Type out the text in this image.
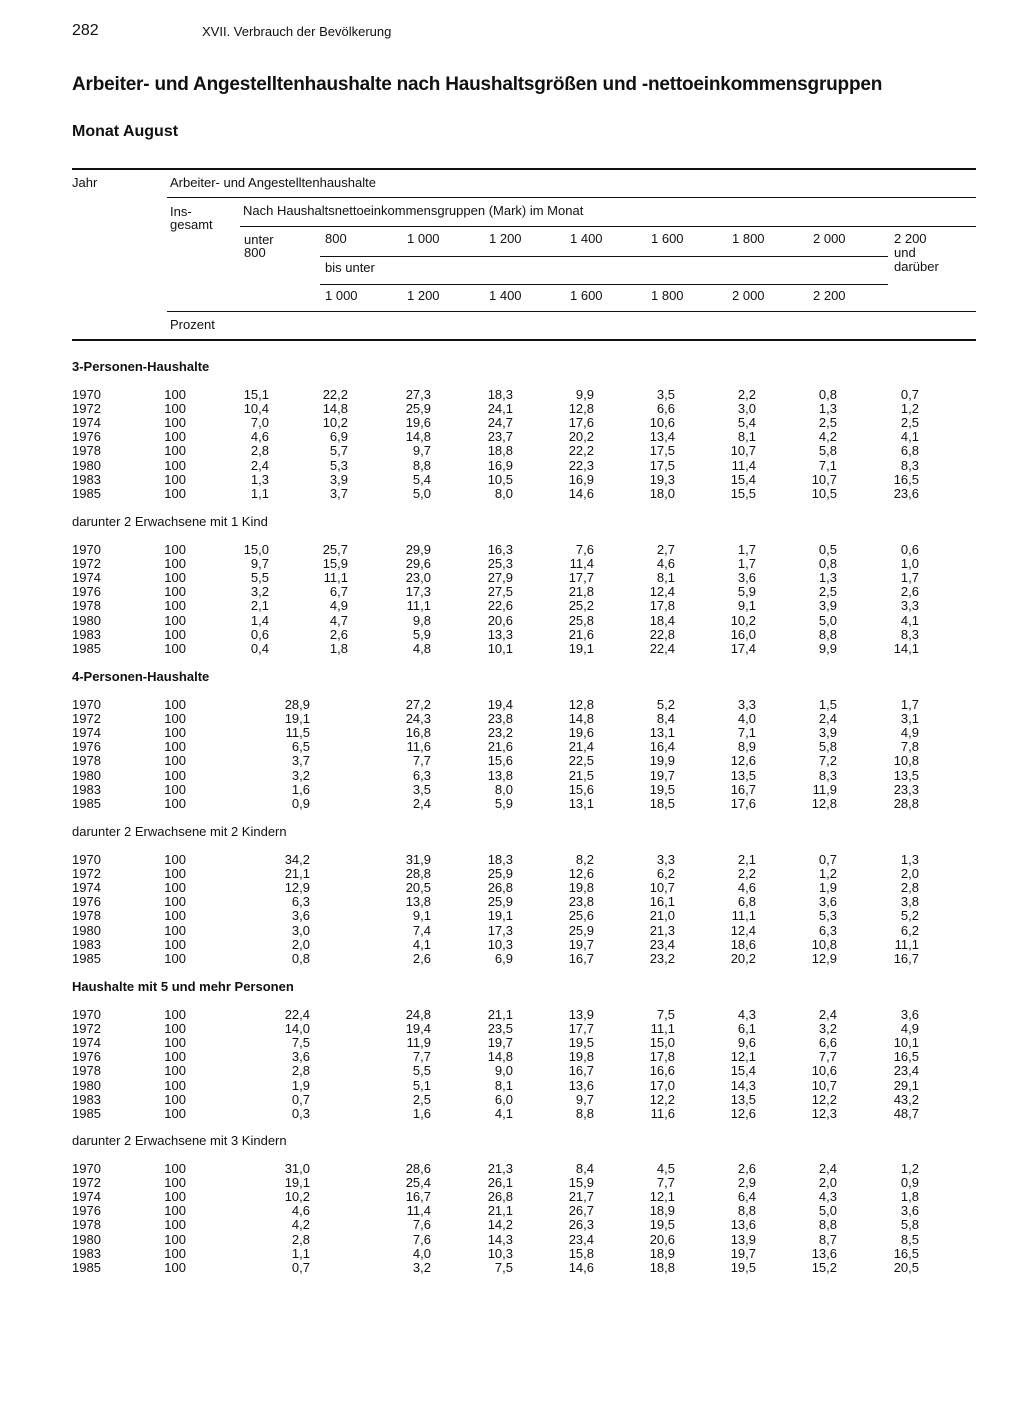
282	XVII. Verbrauch der Bevölkerung
Arbeiter- und Angestelltenhaushalte nach Haushaltsgrößen und -nettoeinkommensgruppen
Monat August
Jahr	Arbeiter- und Angestelltenhaushalte
Ins-
gesamt
Nach Haushaltsnettoeinkommensgruppen (Mark) im Monat
unter
800
bis unter
800	1 000	1 200	1 400	1 600	1 800	2 000	2 200
und
darüber
1 000	1 200	1 400	1 600	1 800	2 000	2 200
Prozent
3-Personen-Haushalte
1970	100	15,1	22,2	27,3	18,3	9,9	3,5	2,2	0,8	0,7
1972	100	10,4	14,8	25,9	24,1	12,8	6,6	3,0	1,3	1,2
1974	100	7,0	10,2	19,6	24,7	17,6	10,6	5,4	2,5	2,5
1976	100	4,6	6,9	14,8	23,7	20,2	13,4	8,1	4,2	4,1
1978	100	2,8	5,7	9,7	18,8	22,2	17,5	10,7	5,8	6,8
1980	100	2,4	5,3	8,8	16,9	22,3	17,5	11,4	7,1	8,3
1983	100	1,3	3,9	5,4	10,5	16,9	19,3	15,4	10,7	16,5
1985	100	1,1	3,7	5,0	8,0	14,6	18,0	15,5	10,5	23,6
darunter 2 Erwachsene mit 1 Kind
1970	100	15,0	25,7	29,9	16,3	7,6	2,7	1,7	0,5	0,6
1972	100	9,7	15,9	29,6	25,3	11,4	4,6	1,7	0,8	1,0
1974	100	5,5	11,1	23,0	27,9	17,7	8,1	3,6	1,3	1,7
1976	100	3,2	6,7	17,3	27,5	21,8	12,4	5,9	2,5	2,6
1978	100	2,1	4,9	11,1	22,6	25,2	17,8	9,1	3,9	3,3
1980	100	1,4	4,7	9,8	20,6	25,8	18,4	10,2	5,0	4,1
1983	100	0,6	2,6	5,9	13,3	21,6	22,8	16,0	8,8	8,3
1985	100	0,4	1,8	4,8	10,1	19,1	22,4	17,4	9,9	14,1
4-Personen-Haushalte
1970	100	28,9	27,2	19,4	12,8	5,2	3,3	1,5	1,7
1972	100	19,1	24,3	23,8	14,8	8,4	4,0	2,4	3,1
1974	100	11,5	16,8	23,2	19,6	13,1	7,1	3,9	4,9
1976	100	6,5	11,6	21,6	21,4	16,4	8,9	5,8	7,8
1978	100	3,7	7,7	15,6	22,5	19,9	12,6	7,2	10,8
1980	100	3,2	6,3	13,8	21,5	19,7	13,5	8,3	13,5
1983	100	1,6	3,5	8,0	15,6	19,5	16,7	11,9	23,3
1985	100	0,9	2,4	5,9	13,1	18,5	17,6	12,8	28,8
darunter 2 Erwachsene mit 2 Kindern
1970	100	34,2	31,9	18,3	8,2	3,3	2,1	0,7	1,3
1972	100	21,1	28,8	25,9	12,6	6,2	2,2	1,2	2,0
1974	100	12,9	20,5	26,8	19,8	10,7	4,6	1,9	2,8
1976	100	6,3	13,8	25,9	23,8	16,1	6,8	3,6	3,8
1978	100	3,6	9,1	19,1	25,6	21,0	11,1	5,3	5,2
1980	100	3,0	7,4	17,3	25,9	21,3	12,4	6,3	6,2
1983	100	2,0	4,1	10,3	19,7	23,4	18,6	10,8	11,1
1985	100	0,8	2,6	6,9	16,7	23,2	20,2	12,9	16,7
Haushalte mit 5 und mehr Personen
1970	100	22,4	24,8	21,1	13,9	7,5	4,3	2,4	3,6
1972	100	14,0	19,4	23,5	17,7	11,1	6,1	3,2	4,9
1974	100	7,5	11,9	19,7	19,5	15,0	9,6	6,6	10,1
1976	100	3,6	7,7	14,8	19,8	17,8	12,1	7,7	16,5
1978	100	2,8	5,5	9,0	16,7	16,6	15,4	10,6	23,4
1980	100	1,9	5,1	8,1	13,6	17,0	14,3	10,7	29,1
1983	100	0,7	2,5	6,0	9,7	12,2	13,5	12,2	43,2
1985	100	0,3	1,6	4,1	8,8	11,6	12,6	12,3	48,7
darunter 2 Erwachsene mit 3 Kindern
1970	100	31,0	28,6	21,3	8,4	4,5	2,6	2,4	1,2
1972	100	19,1	25,4	26,1	15,9	7,7	2,9	2,0	0,9
1974	100	10,2	16,7	26,8	21,7	12,1	6,4	4,3	1,8
1976	100	4,6	11,4	21,1	26,7	18,9	8,8	5,0	3,6
1978	100	4,2	7,6	14,2	26,3	19,5	13,6	8,8	5,8
1980	100	2,8	7,6	14,3	23,4	20,6	13,9	8,7	8,5
1983	100	1,1	4,0	10,3	15,8	18,9	19,7	13,6	16,5
1985	100	0,7	3,2	7,5	14,6	18,8	19,5	15,2	20,5
